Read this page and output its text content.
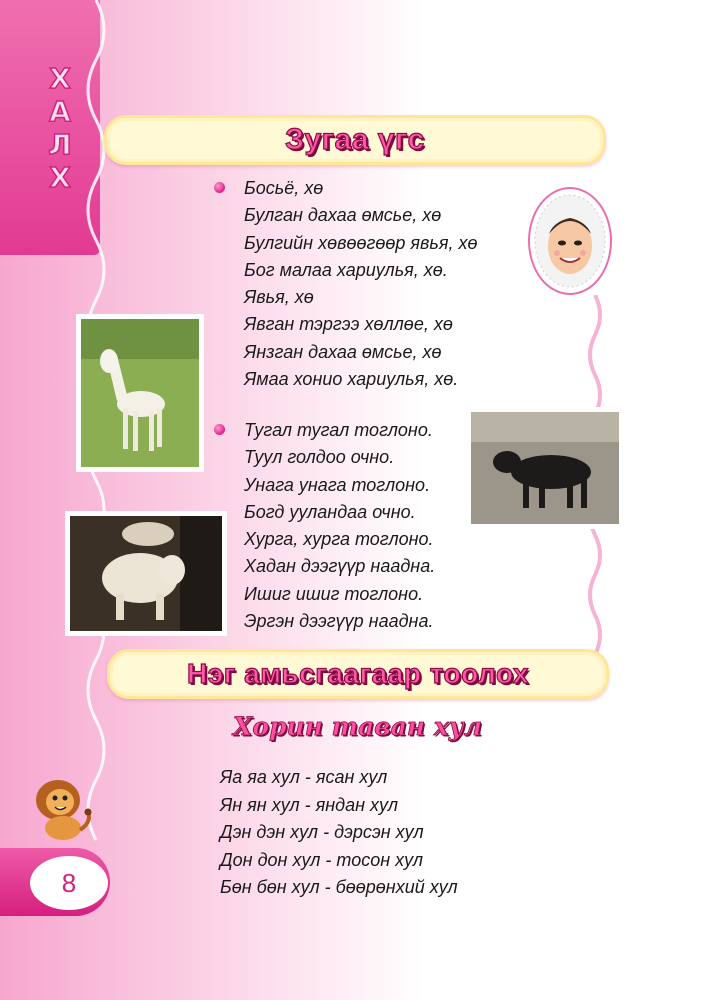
Х
А
Л
Х
Зугаа үгс
Босьё, хө
Булган дахаа өмсье, хө
Булгийн хөвөөгөөр явья, хө
Бог малаа хариулья, хө.
Явья, хө
Явган тэргээ хөллөе, хө
Янзган дахаа өмсье, хө
Ямаа хонио хариулья, хө.
Тугал тугал тоглоно.
Туул голдоо очно.
Унага унага тоглоно.
Богд ууландаа очно.
Хурга, хурга тоглоно.
Хадан дээгүүр наадна.
Ишиг ишиг тоглоно.
Эргэн дээгүүр наадна.
Нэг амьсгаагаар тоолох
Хорин таван хул
Яа яа хул - ясан хул
Ян ян хул - яндан хул
Дэн дэн хул - дэрсэн хул
Дон дон хул - тосон хул
Бөн бөн хул - бөөрөнхий хул
8
